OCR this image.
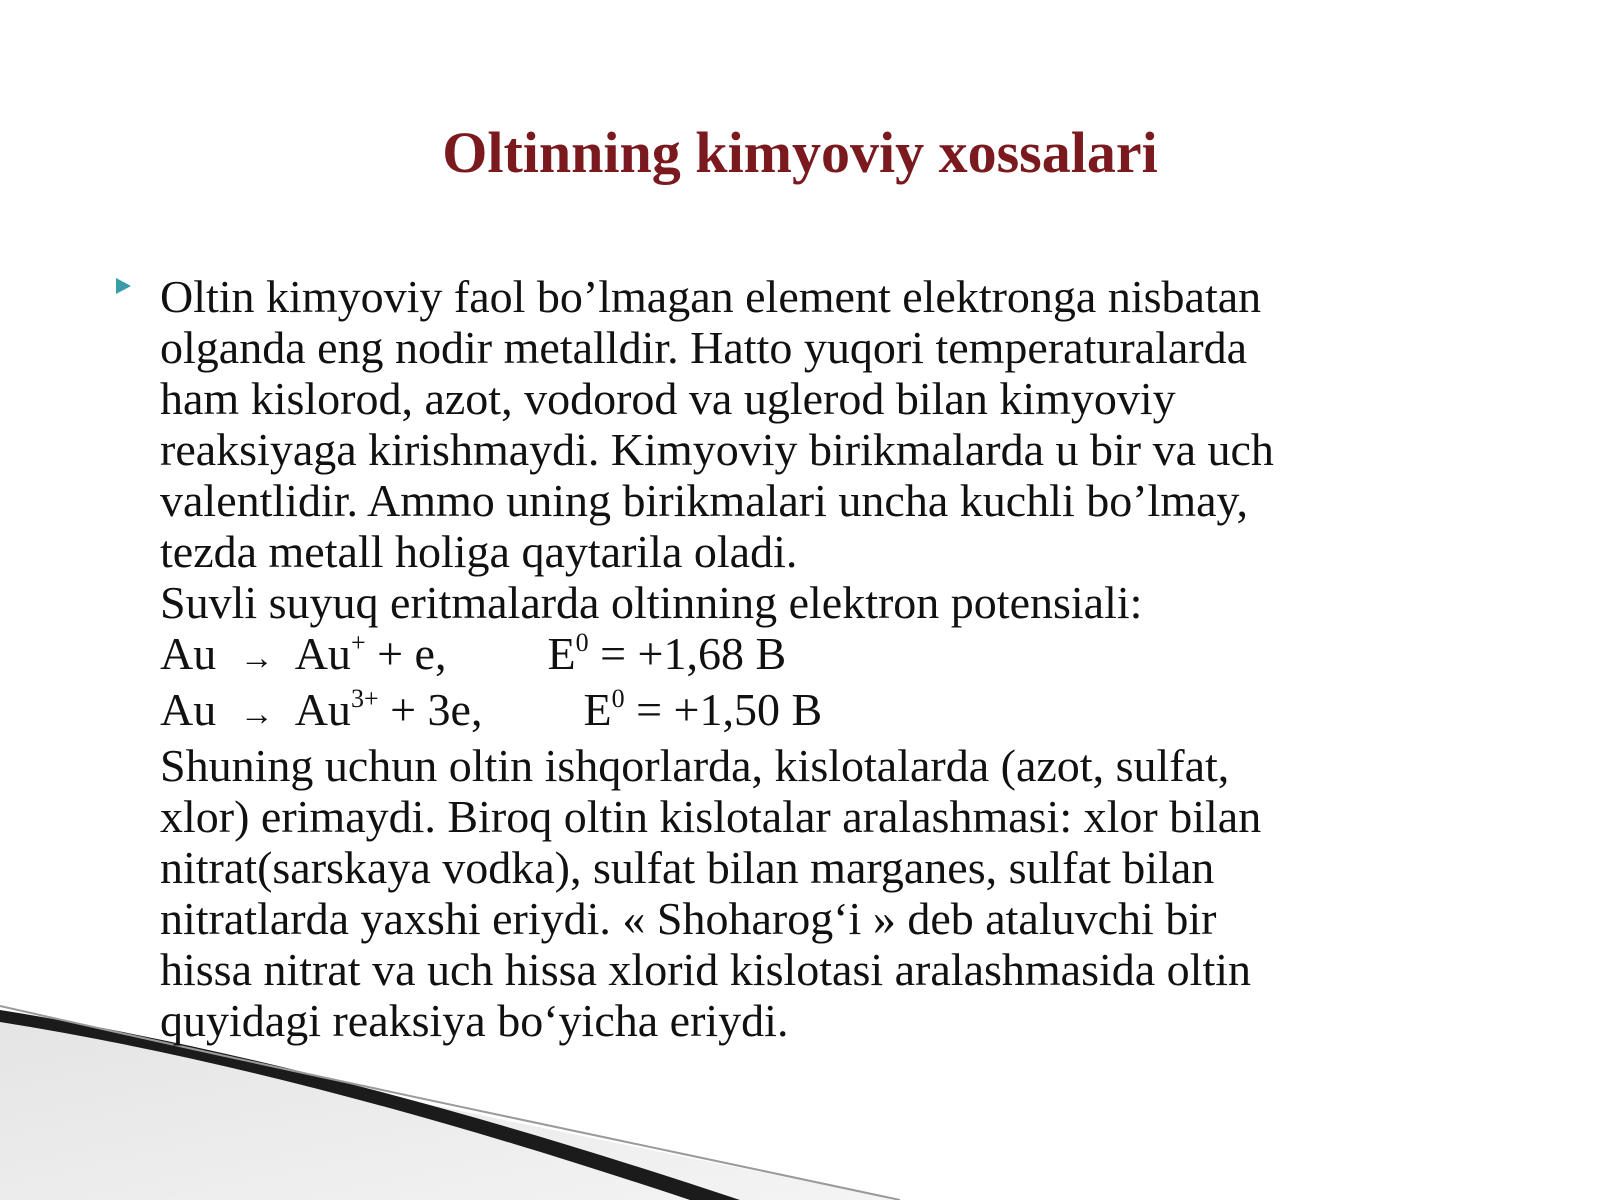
Oltinning kimyoviy xossalari
Oltin kimyoviy faol bo’lmagan element elektronga nisbatan
olganda eng nodir metalldir. Hatto yuqori temperaturalarda
ham kislorod, azot, vodorod va uglerod bilan kimyoviy
reaksiyaga kirishmaydi. Kimyoviy birikmalarda u bir va uch
valentlidir. Ammo uning birikmalari uncha kuchli bo’lmay,
tezda metall holiga qaytarila oladi.
Suvli suyuq eritmalarda oltinning elektron potensiali:
Au → Au+ + e, $E^0 = +1,68$ B
$Au \to Au^{3+} + 3e$, $E^0 = +1,50$ B
Shuning uchun oltin ishqorlarda, kislotalarda (azot, sulfat,
xlor) erimaydi. Biroq oltin kislotalar aralashmasi: xlor bilan
nitrat(sarskaya vodka), sulfat bilan marganes, sulfat bilan
nitratlarda yaxshi eriydi. « Shoharog‘i » deb ataluvchi bir
hissa nitrat va uch hissa xlorid kislotasi aralashmasida oltin
quyidagi reaksiya bo‘yicha eriydi.
